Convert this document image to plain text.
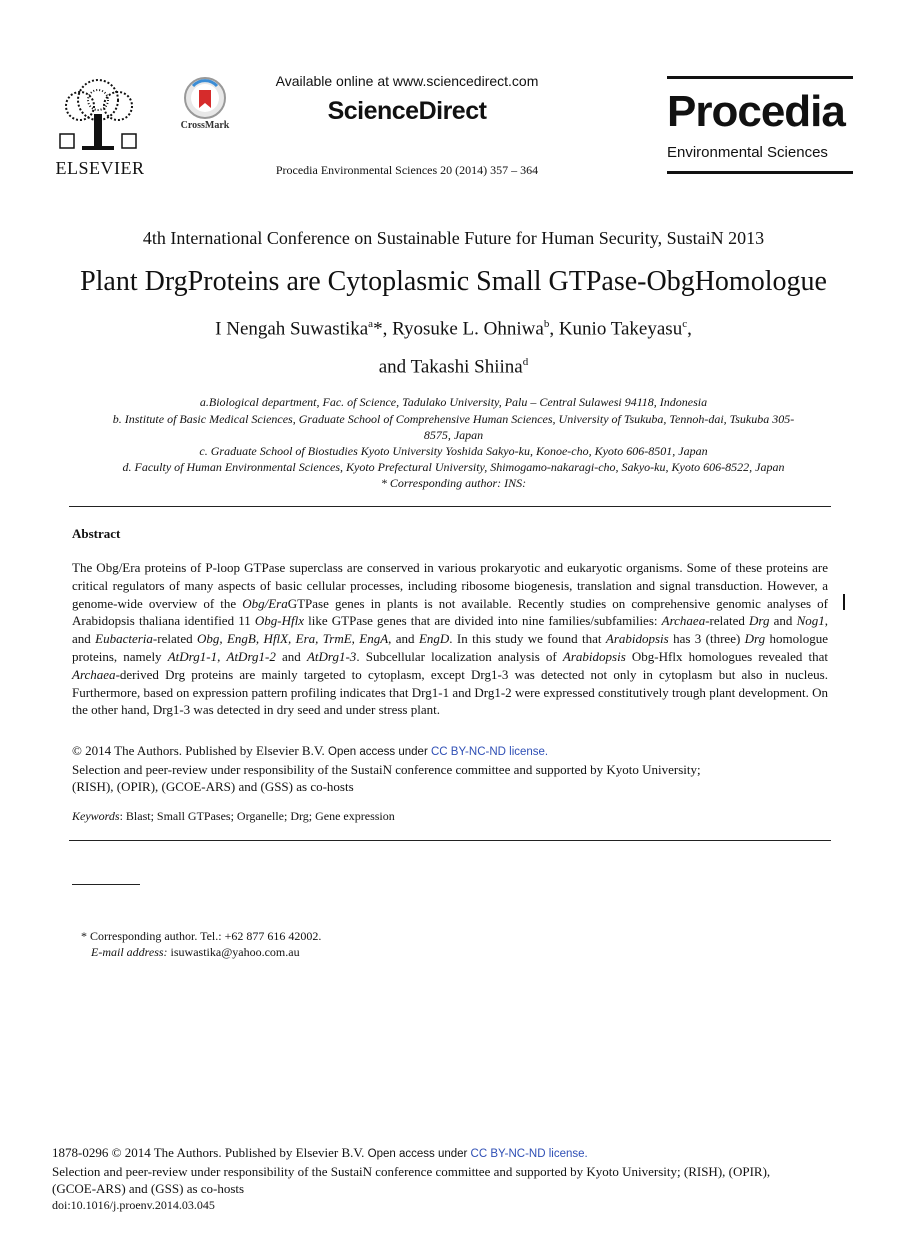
ELSEVIER
CrossMark
Available online at www.sciencedirect.com
ScienceDirect
Procedia Environmental Sciences 20 (2014) 357 – 364
Procedia
Environmental Sciences
4th International Conference on Sustainable Future for Human Security, SustaiN 2013
Plant DrgProteins are Cytoplasmic Small GTPase-ObgHomologue
I Nengah Suwastika$^a$*, Ryosuke L. Ohniwa$^b$, Kunio Takeyasu$^c$,
and Takashi Shiina$^d$
a.Biological department, Fac. of Science, Tadulako University, Palu – Central Sulawesi 94118, Indonesia
b. Institute of Basic Medical Sciences, Graduate School of Comprehensive Human Sciences, University of Tsukuba, Tennoh-dai, Tsukuba 305-
8575, Japan
c. Graduate School of Biostudies Kyoto University Yoshida Sakyo-ku, Konoe-cho, Kyoto 606-8501, Japan
d. Faculty of Human Environmental Sciences, Kyoto Prefectural University, Shimogamo-nakaragi-cho, Sakyo-ku, Kyoto 606-8522, Japan
* Corresponding author: INS:
Abstract
The Obg/Era proteins of P-loop GTPase superclass are conserved in various prokaryotic and eukaryotic organisms. Some of these proteins are critical regulators of many aspects of basic cellular processes, including ribosome biogenesis, translation and signal transduction. However, a genome-wide overview of the Obg/EraGTPase genes in plants is not available. Recently studies on comprehensive genomic analyses of Arabidopsis thaliana identified 11 Obg-Hflx like GTPase genes that are divided into nine families/subfamilies: Archaea-related Drg and Nog1, and Eubacteria-related Obg, EngB, HflX, Era, TrmE, EngA, and EngD. In this study we found that Arabidopsis has 3 (three) Drg homologue proteins, namely AtDrg1-1, AtDrg1-2 and AtDrg1-3. Subcellular localization analysis of Arabidopsis Obg-Hflx homologues revealed that Archaea-derived Drg proteins are mainly targeted to cytoplasm, except Drg1-3 was detected not only in cytoplasm but also in nucleus. Furthermore, based on expression pattern profiling indicates that Drg1-1 and Drg1-2 were expressed constitutively trough plant development. On the other hand, Drg1-3 was detected in dry seed and under stress plant.
© 2014 The Authors. Published by Elsevier B.V. Open access under CC BY-NC-ND license.
Selection and peer-review under responsibility of the SustaiN conference committee and supported by Kyoto University;
(RISH), (OPIR), (GCOE-ARS) and (GSS) as co-hosts
Keywords: Blast; Small GTPases; Organelle; Drg; Gene expression
* Corresponding author. Tel.: +62 877 616 42002.
E-mail address: isuwastika@yahoo.com.au
1878-0296 © 2014 The Authors. Published by Elsevier B.V. Open access under CC BY-NC-ND license.
Selection and peer-review under responsibility of the SustaiN conference committee and supported by Kyoto University; (RISH), (OPIR),
(GCOE-ARS) and (GSS) as co-hosts
doi:10.1016/j.proenv.2014.03.045
